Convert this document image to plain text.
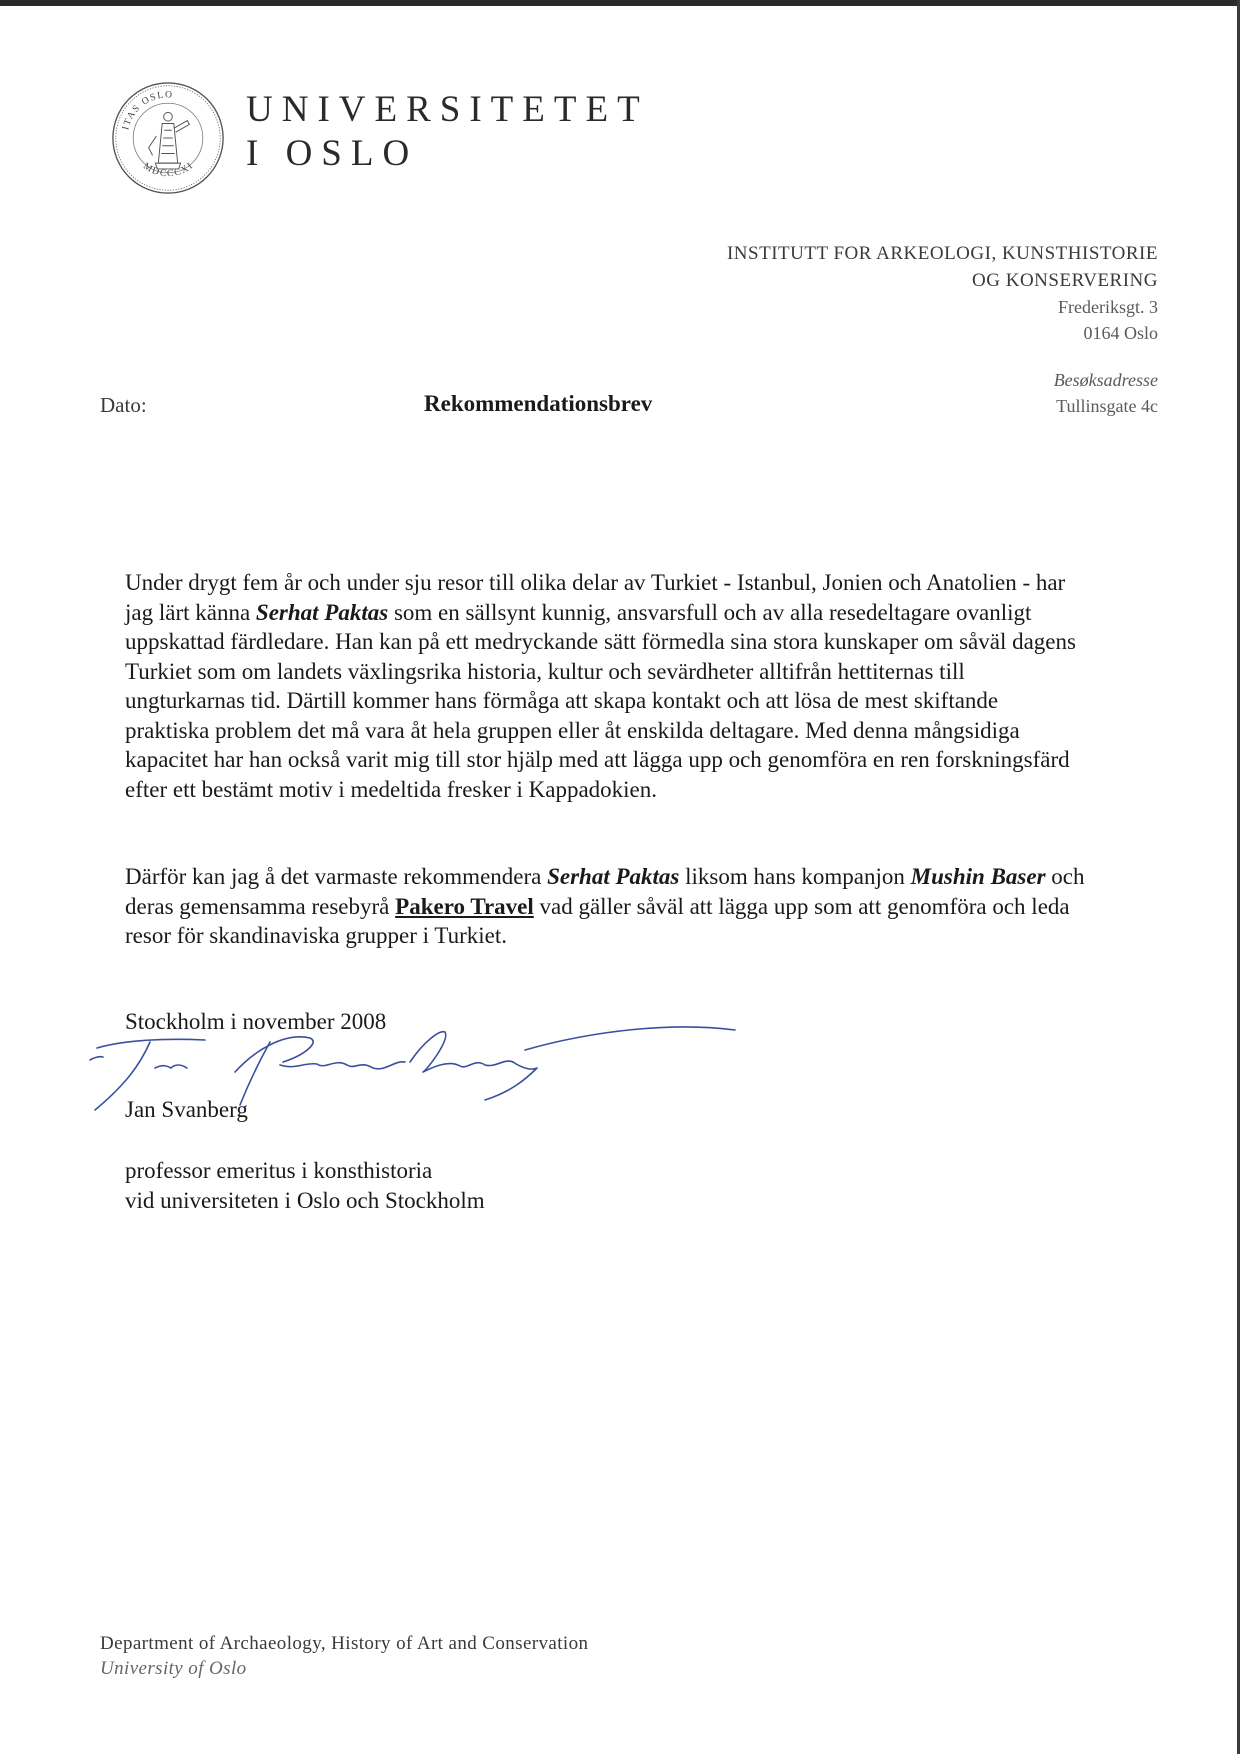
ITAS OSLO
MDCCCXI
UNIVERSITETET
I OSLO
INSTITUTT FOR ARKEOLOGI, KUNSTHISTORIE
OG KONSERVERING
Frederiksgt. 3
0164 Oslo
Besøksadresse
Tullinsgate 4c
Dato:	Rekommendationsbrev
Under drygt fem år och under sju resor till olika delar av Turkiet - Istanbul, Jonien och Anatolien - har jag lärt känna Serhat Paktas som en sällsynt kunnig, ansvarsfull och av alla resedeltagare ovanligt uppskattad färdledare. Han kan på ett medryckande sätt förmedla sina stora kunskaper om såväl dagens Turkiet som om landets växlingsrika historia, kultur och sevärdheter alltifrån hettiternas till ungturkarnas tid. Därtill kommer hans förmåga att skapa kontakt och att lösa de mest skiftande praktiska problem det må vara åt hela gruppen eller åt enskilda deltagare. Med denna mångsidiga kapacitet har han också varit mig till stor hjälp med att lägga upp och genomföra en ren forskningsfärd efter ett bestämt motiv i medeltida fresker i Kappadokien.
Därför kan jag å det varmaste rekommendera Serhat Paktas liksom hans kompanjon Mushin Baser och deras gemensamma resebyrå Pakero Travel vad gäller såväl att lägga upp som att genomföra och leda resor för skandinaviska grupper i Turkiet.
Stockholm i november 2008
Jan Svanberg
professor emeritus i konsthistoria
vid universiteten i Oslo och Stockholm
Department of Archaeology, History of Art and Conservation
University of Oslo
